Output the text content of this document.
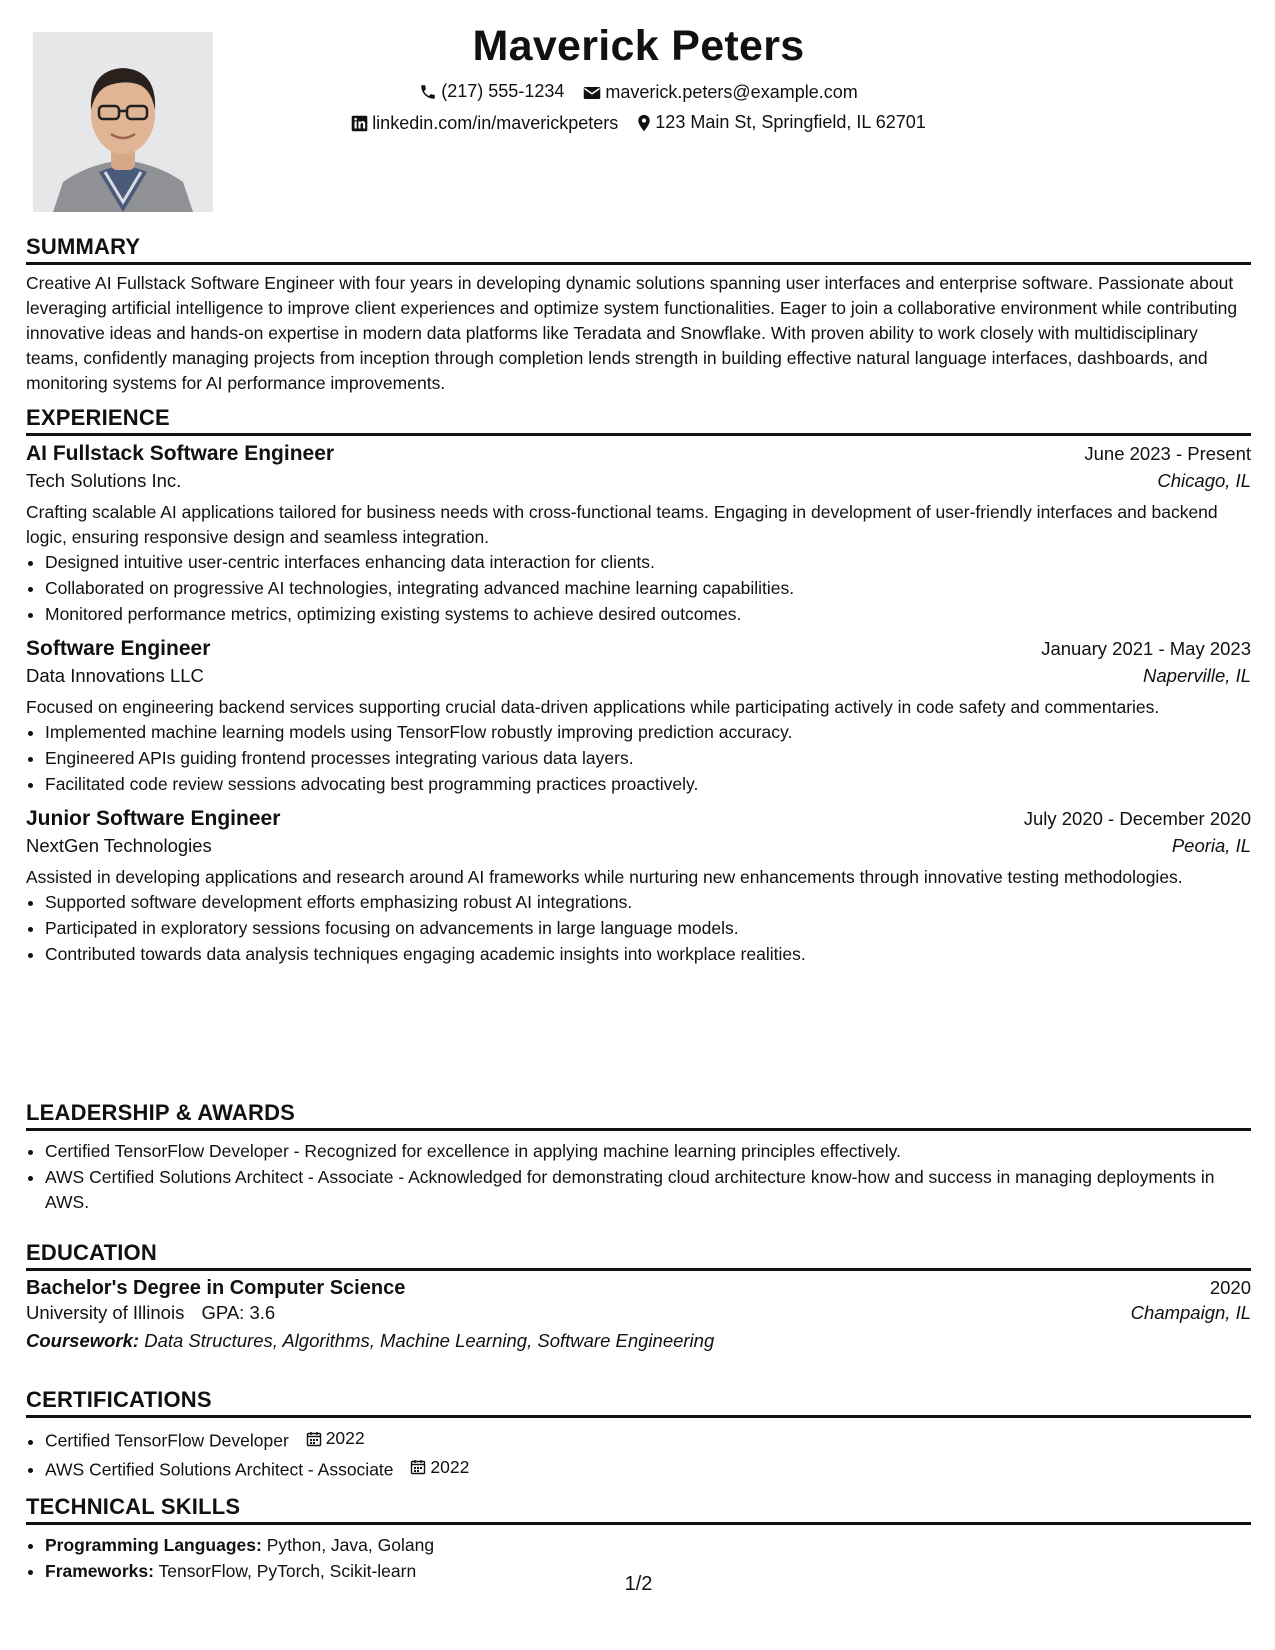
Maverick Peters
(217) 555-1234
maverick.peters@example.com
linkedin.com/in/maverickpeters
123 Main St, Springfield, IL 62701
SUMMARY

Creative AI Fullstack Software Engineer with four years in developing dynamic solutions spanning user interfaces and enterprise software. Passionate about leveraging artificial intelligence to improve client experiences and optimize system functionalities. Eager to join a collaborative environment while contributing innovative ideas and hands-on expertise in modern data platforms like Teradata and Snowflake. With proven ability to work closely with multidisciplinary teams, confidently managing projects from inception through completion lends strength in building effective natural language interfaces, dashboards, and monitoring systems for AI performance improvements.

EXPERIENCE
AI Fullstack Software Engineer	June 2023 - Present
Tech Solutions Inc.	Chicago, IL

Crafting scalable AI applications tailored for business needs with cross-functional teams. Engaging in development of user-friendly interfaces and backend logic, ensuring responsive design and seamless integration.

• Designed intuitive user-centric interfaces enhancing data interaction for clients.
• Collaborated on progressive AI technologies, integrating advanced machine learning capabilities.
• Monitored performance metrics, optimizing existing systems to achieve desired outcomes.
Software Engineer	January 2021 - May 2023
Data Innovations LLC	Naperville, IL

Focused on engineering backend services supporting crucial data-driven applications while participating actively in code safety and commentaries.

• Implemented machine learning models using TensorFlow robustly improving prediction accuracy.
• Engineered APIs guiding frontend processes integrating various data layers.
• Facilitated code review sessions advocating best programming practices proactively.
Junior Software Engineer	July 2020 - December 2020
NextGen Technologies	Peoria, IL

Assisted in developing applications and research around AI frameworks while nurturing new enhancements through innovative testing methodologies.

• Supported software development efforts emphasizing robust AI integrations.
• Participated in exploratory sessions focusing on advancements in large language models.
• Contributed towards data analysis techniques engaging academic insights into workplace realities.
LEADERSHIP & AWARDS
• Certified TensorFlow Developer - Recognized for excellence in applying machine learning principles effectively.
• AWS Certified Solutions Architect - Associate - Acknowledged for demonstrating cloud architecture know-how and success in managing deployments in AWS.
EDUCATION
Bachelor's Degree in Computer Science	2020
University of Illinois GPA: 3.6	Champaign, IL
Coursework: Data Structures, Algorithms, Machine Learning, Software Engineering
CERTIFICATIONS
• Certified TensorFlow Developer 2022
• AWS Certified Solutions Architect - Associate 2022
TECHNICAL SKILLS
• Programming Languages: Python, Java, Golang
• Frameworks: TensorFlow, PyTorch, Scikit-learn
1/2
